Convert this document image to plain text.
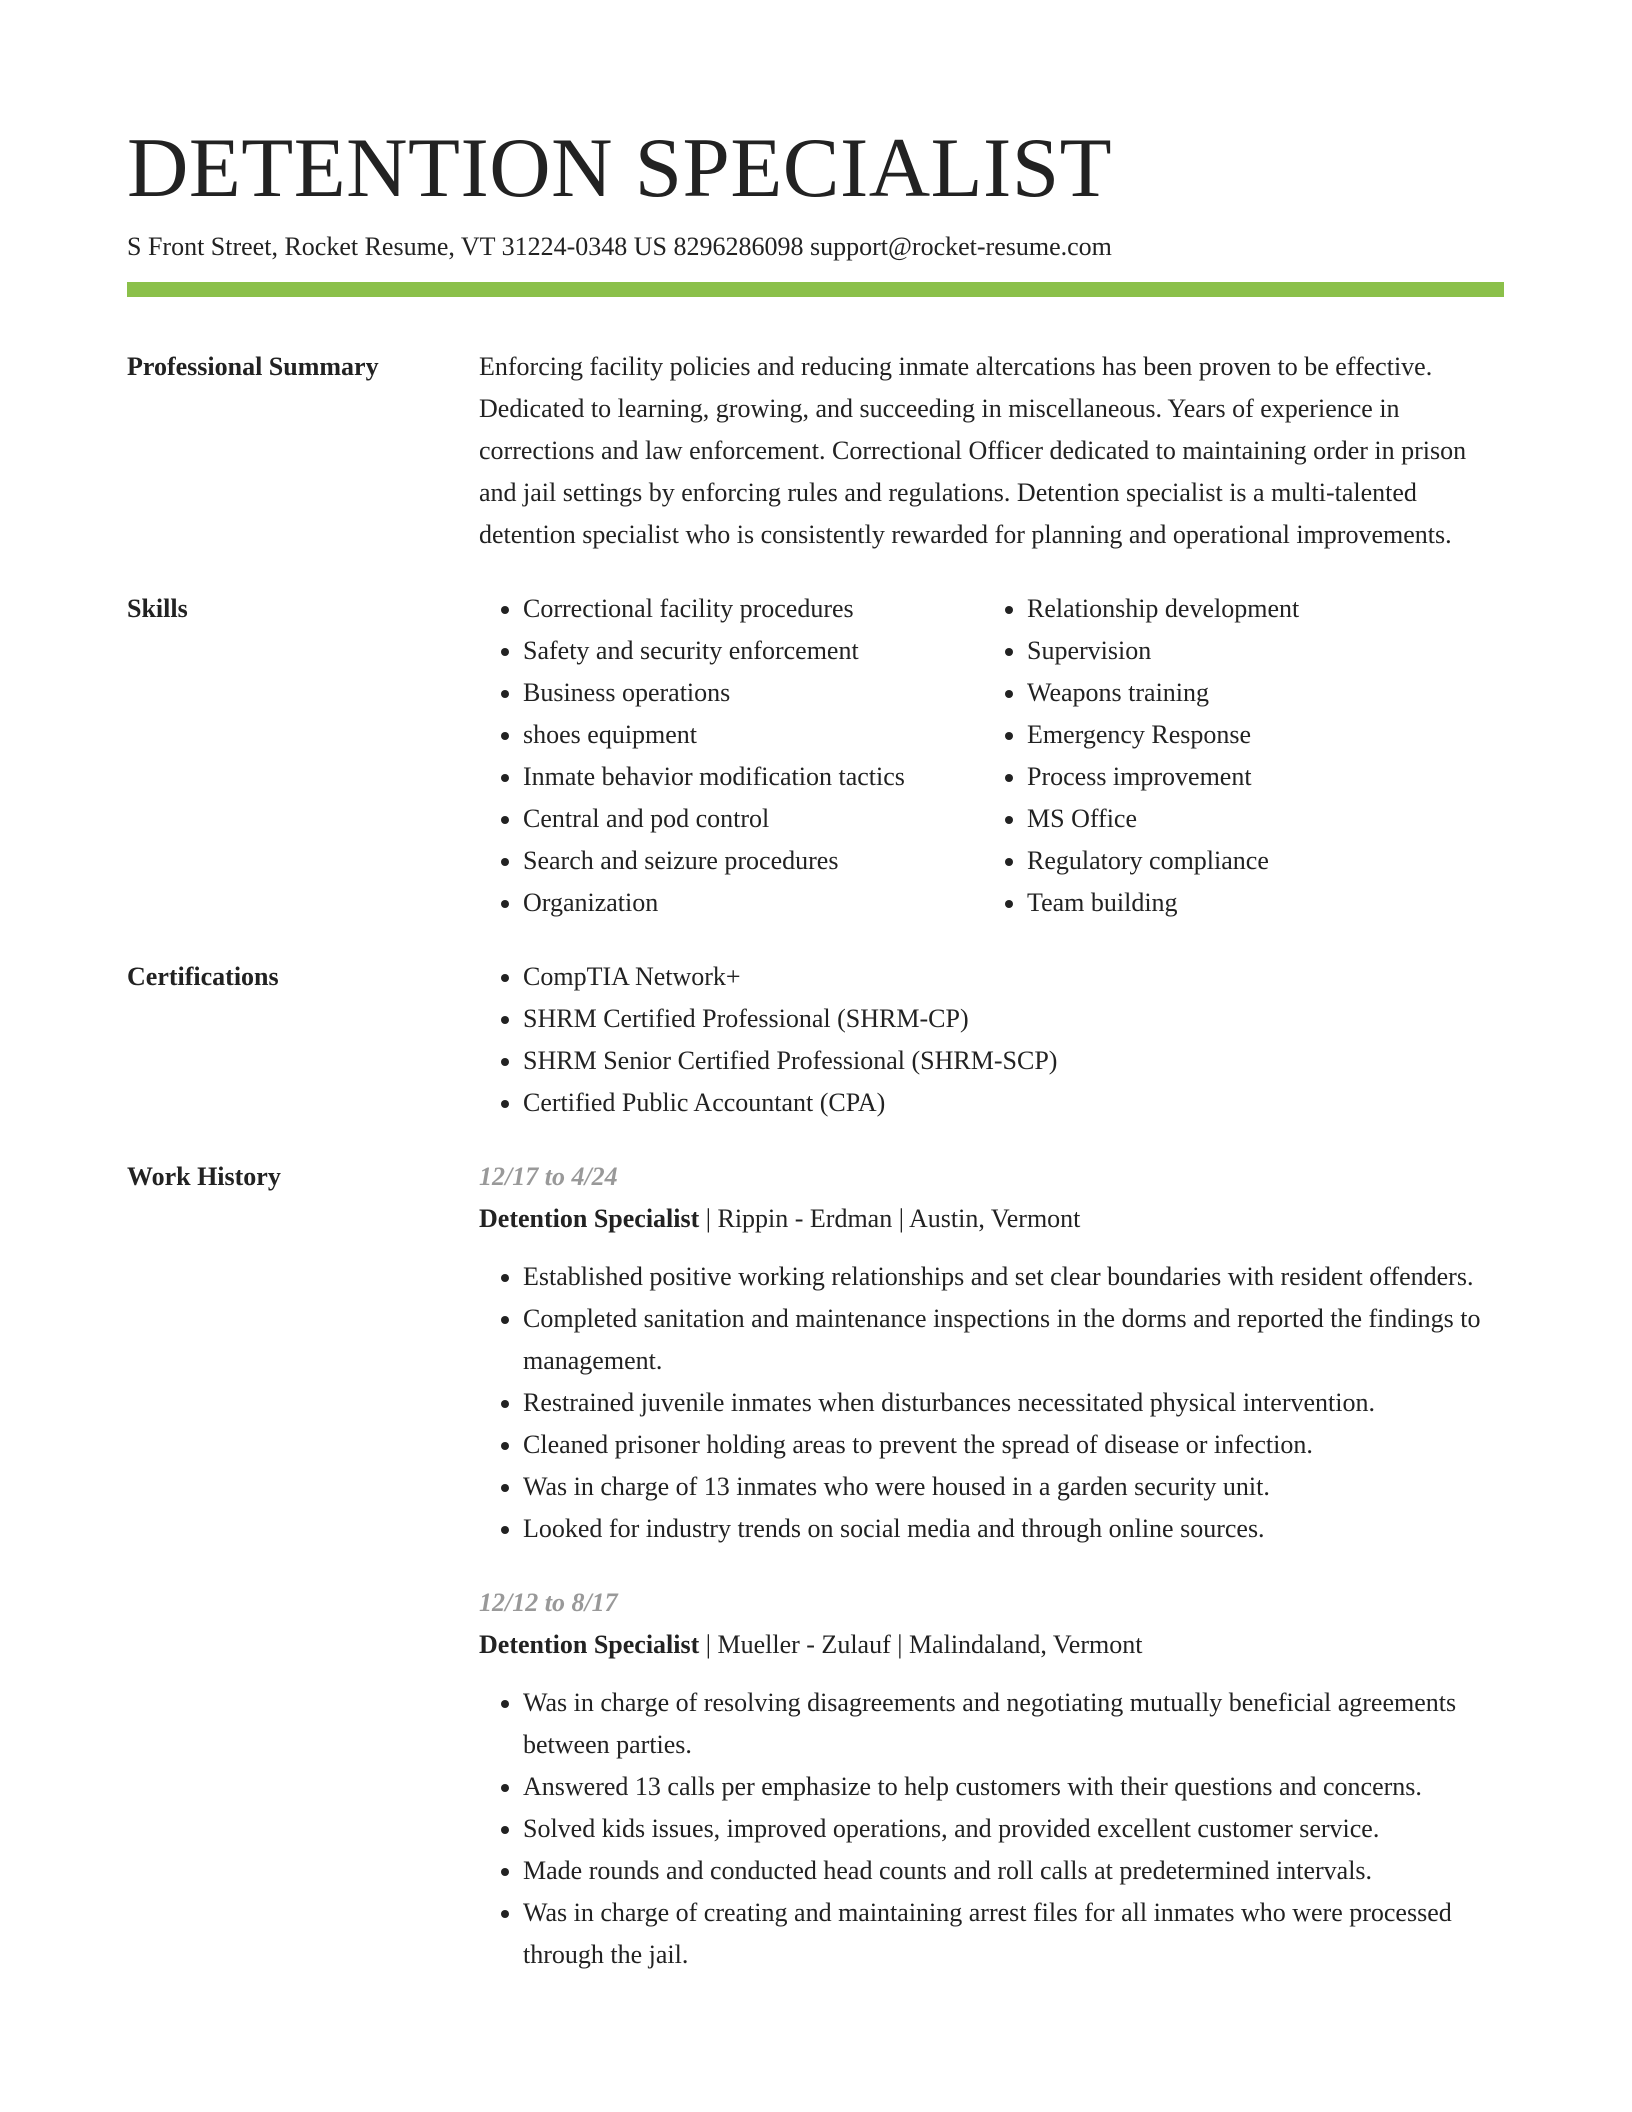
DETENTION SPECIALIST
S Front Street, Rocket Resume, VT 31224-0348 US 8296286098 support@rocket-resume.com
Professional Summary	Enforcing facility policies and reducing inmate altercations has been proven to be effective. Dedicated to learning, growing, and succeeding in miscellaneous. Years of experience in corrections and law enforcement. Correctional Officer dedicated to maintaining order in prison and jail settings by enforcing rules and regulations. Detention specialist is a multi-talented detention specialist who is consistently rewarded for planning and operational improvements.

Skills	• Correctional facility procedures
• Safety and security enforcement
• Business operations
• shoes equipment
• Inmate behavior modification tactics
• Central and pod control
• Search and seizure procedures
• Organization
• Relationship development
• Supervision
• Weapons training
• Emergency Response
• Process improvement
• MS Office
• Regulatory compliance
• Team building
Certifications	• CompTIA Network+
• SHRM Certified Professional (SHRM-CP)
• SHRM Senior Certified Professional (SHRM-SCP)
• Certified Public Accountant (CPA)
Work History	12/17 to 4/24

Detention Specialist | Rippin - Erdman | Austin, Vermont

• Established positive working relationships and set clear boundaries with resident offenders.
• Completed sanitation and maintenance inspections in the dorms and reported the findings to management.
• Restrained juvenile inmates when disturbances necessitated physical intervention.
• Cleaned prisoner holding areas to prevent the spread of disease or infection.
• Was in charge of 13 inmates who were housed in a garden security unit.
• Looked for industry trends on social media and through online sources.
12/12 to 8/17

Detention Specialist | Mueller - Zulauf | Malindaland, Vermont

• Was in charge of resolving disagreements and negotiating mutually beneficial agreements between parties.
• Answered 13 calls per emphasize to help customers with their questions and concerns.
• Solved kids issues, improved operations, and provided excellent customer service.
• Made rounds and conducted head counts and roll calls at predetermined intervals.
• Was in charge of creating and maintaining arrest files for all inmates who were processed through the jail.
